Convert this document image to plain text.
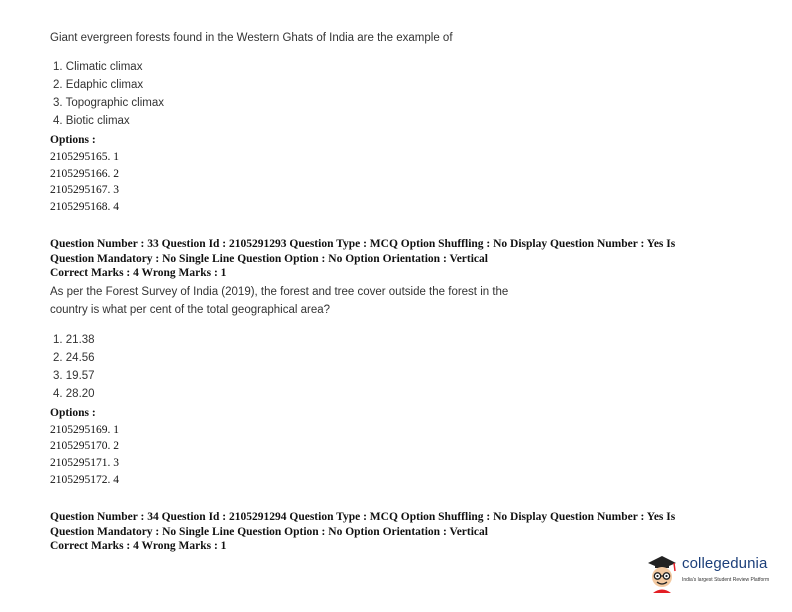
Giant evergreen forests found in the Western Ghats of India are the example of
1. Climatic climax
2. Edaphic climax
3. Topographic climax
4. Biotic climax
Options :
2105295165. 1
2105295166. 2
2105295167. 3
2105295168. 4
Question Number : 33 Question Id : 2105291293 Question Type : MCQ Option Shuffling : No Display Question Number : Yes Is
Question Mandatory : No Single Line Question Option : No Option Orientation : Vertical
Correct Marks : 4 Wrong Marks : 1
As per the Forest Survey of India (2019), the forest and tree cover outside the forest in the
country is what per cent of the total geographical area?
1. 21.38
2. 24.56
3. 19.57
4. 28.20
Options :
2105295169. 1
2105295170. 2
2105295171. 3
2105295172. 4
Question Number : 34 Question Id : 2105291294 Question Type : MCQ Option Shuffling : No Display Question Number : Yes Is
Question Mandatory : No Single Line Question Option : No Option Orientation : Vertical
Correct Marks : 4 Wrong Marks : 1
collegedunia
India's largest Student Review Platform
